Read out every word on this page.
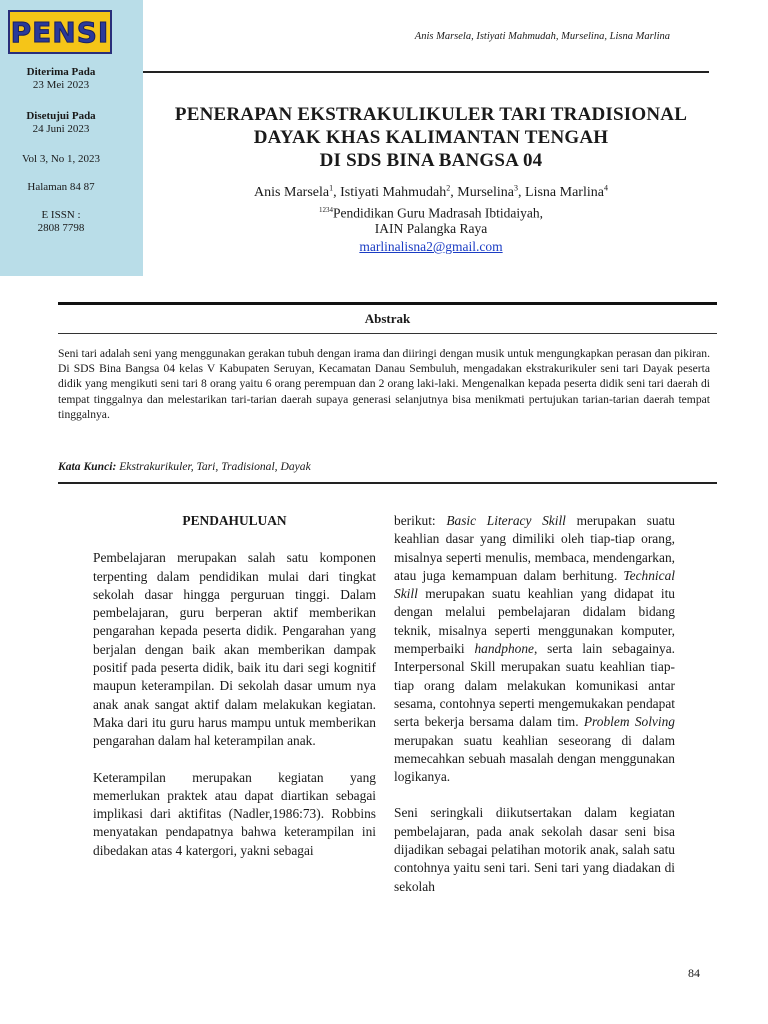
PENSI
Diterima Pada
23 Mei 2023
Disetujui Pada
24 Juni 2023
Vol 3, No 1, 2023
Halaman 84 87
E ISSN :
2808 7798
Anis Marsela, Istiyati Mahmudah, Murselina, Lisna Marlina
PENERAPAN EKSTRAKULIKULER TARI TRADISIONAL
DAYAK KHAS KALIMANTAN TENGAH
DI SDS BINA BANGSA 04
Anis Marsela$^1$, Istiyati Mahmudah$^2$, Murselina$^3$, Lisna Marlina$^4$
$^{1234}$Pendidikan Guru Madrasah Ibtidaiyah,
IAIN Palangka Raya
marlinalisna2@gmail.com
Abstrak
Seni tari adalah seni yang menggunakan gerakan tubuh dengan irama dan diiringi dengan musik untuk mengungkapkan perasan dan pikiran. Di SDS Bina Bangsa 04 kelas V Kabupaten Seruyan, Kecamatan Danau Sembuluh, mengadakan ekstrakurikuler seni tari Dayak peserta didik yang mengikuti seni tari 8 orang yaitu 6 orang perempuan dan 2 orang laki-laki. Mengenalkan kepada peserta didik seni tari daerah di tempat tinggalnya dan melestarikan tari-tarian daerah supaya generasi selanjutnya bisa menikmati pertujukan tarian-tarian daerah tempat tinggalnya.
Kata Kunci: Ekstrakurikuler, Tari, Tradisional, Dayak

PENDAHULUAN

Pembelajaran merupakan salah satu komponen terpenting dalam pendidikan mulai dari tingkat sekolah dasar hingga perguruan tinggi. Dalam pembelajaran, guru berperan aktif memberikan pengarahan kepada peserta didik. Pengarahan yang berjalan dengan baik akan memberikan dampak positif pada peserta didik, baik itu dari segi kognitif maupun keterampilan. Di sekolah dasar umum nya anak anak sangat aktif dalam melakukan kegiatan. Maka dari itu guru harus mampu untuk memberikan pengarahan dalam hal keterampilan anak.

Keterampilan merupakan kegiatan yang memerlukan praktek atau dapat diartikan sebagai implikasi dari aktifitas (Nadler,1986:73). Robbins menyatakan pendapatnya bahwa keterampilan ini dibedakan atas 4 katergori, yakni sebagai

berikut: Basic Literacy Skill merupakan suatu keahlian dasar yang dimiliki oleh tiap-tiap orang, misalnya seperti menulis, membaca, mendengarkan, atau juga kemampuan dalam berhitung. Technical Skill merupakan suatu keahlian yang didapat itu dengan melalui pembelajaran didalam bidang teknik, misalnya seperti menggunakan komputer, memperbaiki handphone, serta lain sebagainya. Interpersonal Skill merupakan suatu keahlian tiap-tiap orang dalam melakukan komunikasi antar sesama, contohnya seperti mengemukakan pendapat serta bekerja bersama dalam tim. Problem Solving merupakan suatu keahlian seseorang di dalam memecahkan sebuah masalah dengan menggunakan logikanya.

Seni seringkali diikutsertakan dalam kegiatan pembelajaran, pada anak sekolah dasar seni bisa dijadikan sebagai pelatihan motorik anak, salah satu contohnya yaitu seni tari. Seni tari yang diadakan di sekolah

84
